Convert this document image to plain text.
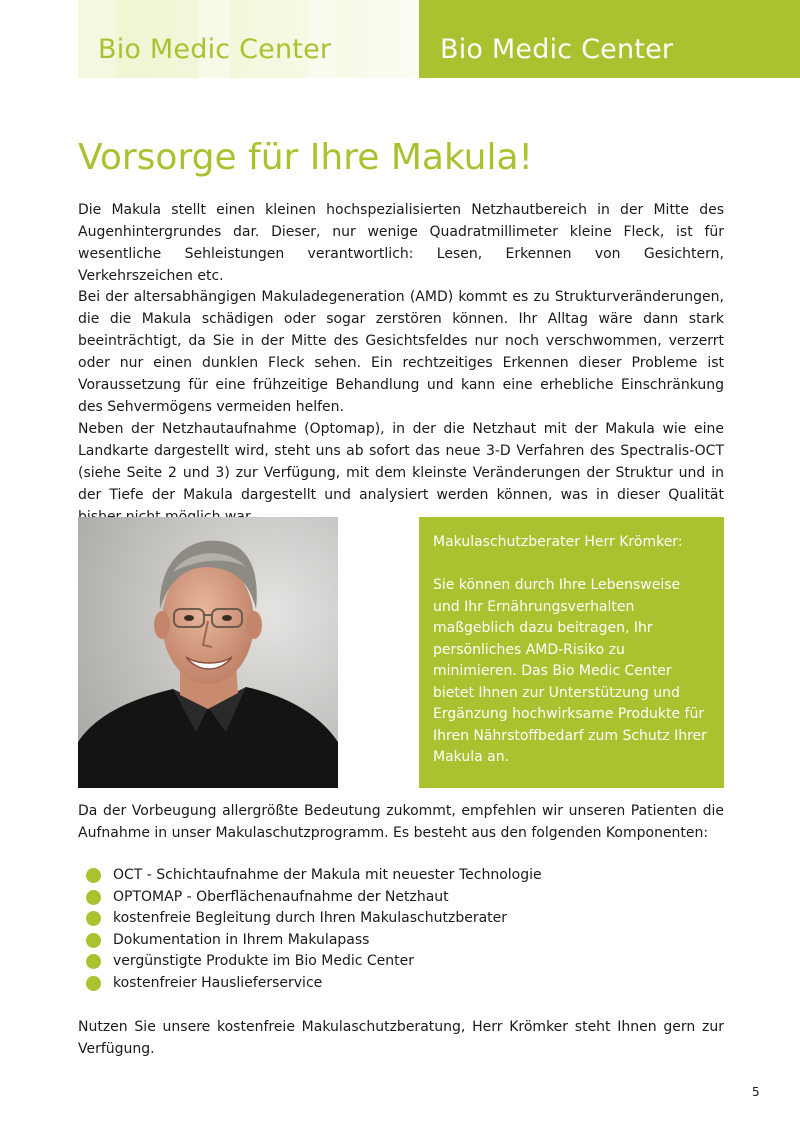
Bio Medic Center	Bio Medic Center
Vorsorge für Ihre Makula!

Die Makula stellt einen kleinen hochspezialisierten Netzhautbereich in der Mitte des Augenhintergrundes dar. Dieser, nur wenige Quadratmillimeter kleine Fleck, ist für wesentliche Sehleistungen verantwortlich: Lesen, Erkennen von Gesichtern, Verkehrszeichen etc.

Bei der altersabhängigen Makuladegeneration (AMD) kommt es zu Strukturveränderungen, die die Makula schädigen oder sogar zerstören können. Ihr Alltag wäre dann stark beeinträchtigt, da Sie in der Mitte des Gesichtsfeldes nur noch verschwommen, verzerrt oder nur einen dunklen Fleck sehen. Ein rechtzeitiges Erkennen dieser Probleme ist Voraussetzung für eine frühzeitige Behandlung und kann eine erhebliche Einschränkung des Sehvermögens vermeiden helfen.

Neben der Netzhautaufnahme (Optomap), in der die Netzhaut mit der Makula wie eine Landkarte dargestellt wird, steht uns ab sofort das neue 3-D Verfahren des Spectralis-OCT (siehe Seite 2 und 3) zur Verfügung, mit dem kleinste Veränderungen der Struktur und in der Tiefe der Makula dargestellt und analysiert werden können, was in dieser Qualität

Makulaschutzberater Herr Krömker:

Sie können durch Ihre Lebensweise und Ihr Ernährungsverhalten maßgeblich dazu beitragen, Ihr persönliches AMD-Risiko zu minimieren. Das Bio Medic Center bietet Ihnen zur Unterstützung und Ergänzung hochwirksame Produkte für Ihren Nährstoffbedarf zum Schutz Ihrer Makula an.

Da der Vorbeugung allergrößte Bedeutung zukommt, empfehlen wir unseren Patienten die Aufnahme in unser Makulaschutzprogramm. Es besteht aus den folgenden Komponenten:

OCT - Schichtaufnahme der Makula mit neuester Technologie
OPTOMAP - Oberflächenaufnahme der Netzhaut
kostenfreie Begleitung durch Ihren Makulaschutzberater
Dokumentation in Ihrem Makulapass
vergünstigte Produkte im Bio Medic Center
kostenfreier Hauslieferservice

Nutzen Sie unsere kostenfreie Makulaschutzberatung, Herr Krömker steht Ihnen gern zur Verfügung.

5
